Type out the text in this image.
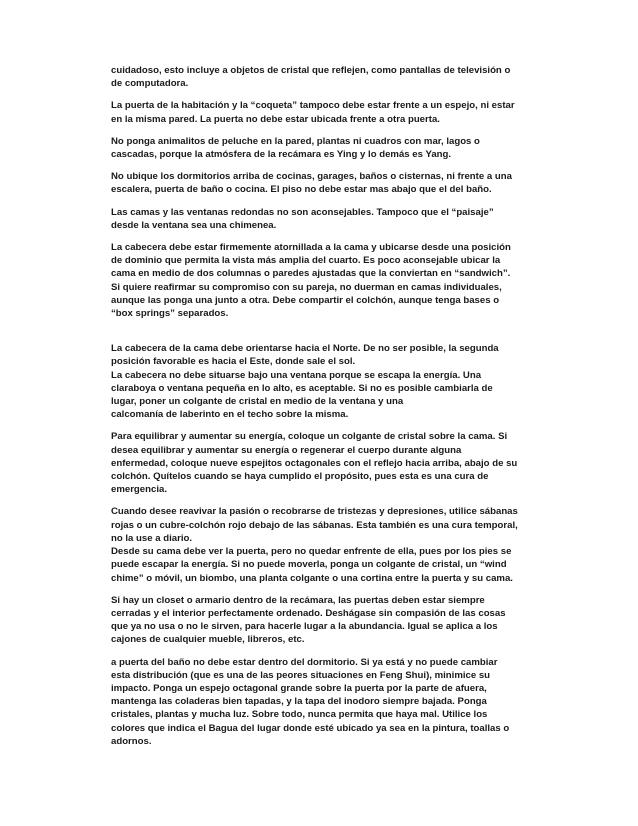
cuidadoso, esto incluye a objetos de cristal que reflejen, como pantallas de televisión o
de computadora.
La puerta de la habitación y la “coqueta” tampoco debe estar frente a un espejo, ni estar
en la misma pared. La puerta no debe estar ubicada frente a otra puerta.
No ponga animalitos de peluche en la pared, plantas ni cuadros con mar, lagos o
cascadas, porque la atmósfera de la recámara es Ying y lo demás es Yang.
No ubique los dormitorios arriba de cocinas, garages, baños o cisternas, ni frente a una
escalera, puerta de baño o cocina. El piso no debe estar mas abajo que el del baño.
Las camas y las ventanas redondas no son aconsejables. Tampoco que el “paisaje”
desde la ventana sea una chimenea.
La cabecera debe estar firmemente atornillada a la cama y ubicarse desde una posición
de dominio que permita la vista más amplia del cuarto. Es poco aconsejable ubicar la
cama en medio de dos columnas o paredes ajustadas que la conviertan en “sandwich”.
Si quiere reafirmar su compromiso con su pareja, no duerman en camas individuales,
aunque las ponga una junto a otra. Debe compartir el colchón, aunque tenga bases o
“box springs” separados.
La cabecera de la cama debe orientarse hacia el Norte. De no ser posible, la segunda
posición favorable es hacia el Este, donde sale el sol.
La cabecera no debe situarse bajo una ventana porque se escapa la energía. Una
claraboya o ventana pequeña en lo alto, es aceptable. Si no es posible cambiarla de
lugar, poner un colgante de cristal en medio de la ventana y una
calcomanía de laberinto en el techo sobre la misma.
Para equilibrar y aumentar su energía, coloque un colgante de cristal sobre la cama. Si
desea equilibrar y aumentar su energía o regenerar el cuerpo durante alguna
enfermedad, coloque nueve espejitos octagonales con el reflejo hacia arriba, abajo de su
colchón. Quítelos cuando se haya cumplido el propósito, pues esta es una cura de
emergencia.
Cuando desee reavivar la pasión o recobrarse de tristezas y depresiones, utilice sábanas
rojas o un cubre-colchón rojo debajo de las sábanas. Esta también es una cura temporal,
no la use a diario.
Desde su cama debe ver la puerta, pero no quedar enfrente de ella, pues por los pies se
puede escapar la energía. Si no puede moverla, ponga un colgante de cristal, un “wind
chime” o móvil, un biombo, una planta colgante o una cortina entre la puerta y su cama.
Si hay un closet o armario dentro de la recámara, las puertas deben estar siempre
cerradas y el interior perfectamente ordenado. Deshágase sin compasión de las cosas
que ya no usa o no le sirven, para hacerle lugar a la abundancia. Igual se aplica a los
cajones de cualquier mueble, libreros, etc.
a puerta del baño no debe estar dentro del dormitorio. Si ya está y no puede cambiar
esta distribución (que es una de las peores situaciones en Feng Shui), minimice su
impacto. Ponga un espejo octagonal grande sobre la puerta por la parte de afuera,
mantenga las coladeras bien tapadas, y la tapa del inodoro siempre bajada. Ponga
cristales, plantas y mucha luz. Sobre todo, nunca permita que haya mal. Utilice los
colores que indica el Bagua del lugar donde esté ubicado ya sea en la pintura, toallas o
adornos.
